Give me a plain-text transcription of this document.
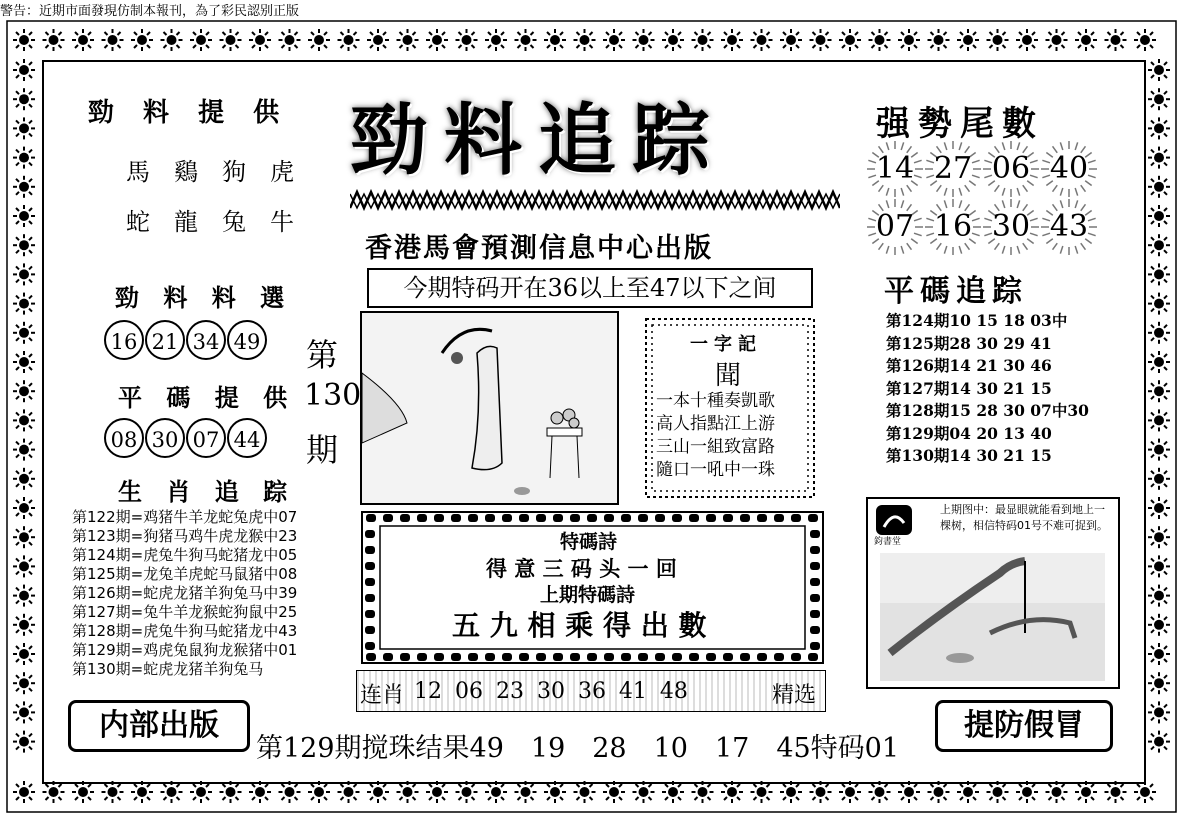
警告：近期市面發現仿制本報刊，為了彩民認别正版
勁 料 提 供
馬　鷄　狗　虎
蛇　龍　兔　牛
勁 料 料 選
16 21 34 49
平 碼 提 供
08 30 07 44
生 肖 追 踪
第122期=鸡猪牛羊龙蛇兔虎中07
第123期=狗猪马鸡牛虎龙猴中23
第124期=虎兔牛狗马蛇猪龙中05
第125期=龙兔羊虎蛇马鼠猪中08
第126期=蛇虎龙猪羊狗兔马中39
第127期=兔牛羊龙猴蛇狗鼠中25
第128期=虎兔牛狗马蛇猪龙中43
第129期=鸡虎兔鼠狗龙猴猪中01
第130期=蛇虎龙猪羊狗兔马
内部出版
第
130
期
勁料追踪
香港馬會預測信息中心出版
今期特码开在36以上至47以下之间
一字記
聞
一本十種奏凱歌
高人指點江上游
三山一組致富路
隨口一吼中一珠
特碼詩
得 意 三 码 头 一 回
上期特碼詩
五 九 相 乘 得 出 數
连肖 12 06 23 30 36 41 48	精选
强勢尾數
14 27 06 40

07 16 30 43
平碼追踪
第124期10 15 18 03中
第125期28 30 29 41
第126期14 21 30 46
第127期14 30 21 15
第128期15 28 30 07中30
第129期04 20 13 40
第130期14 30 21 15
鈞書堂
上期图中：最显眼就能看到地上一棵树，相信特码01号不难可捉到。
提防假冒
第129期搅珠结果49　19　28　10　17　45特码01
